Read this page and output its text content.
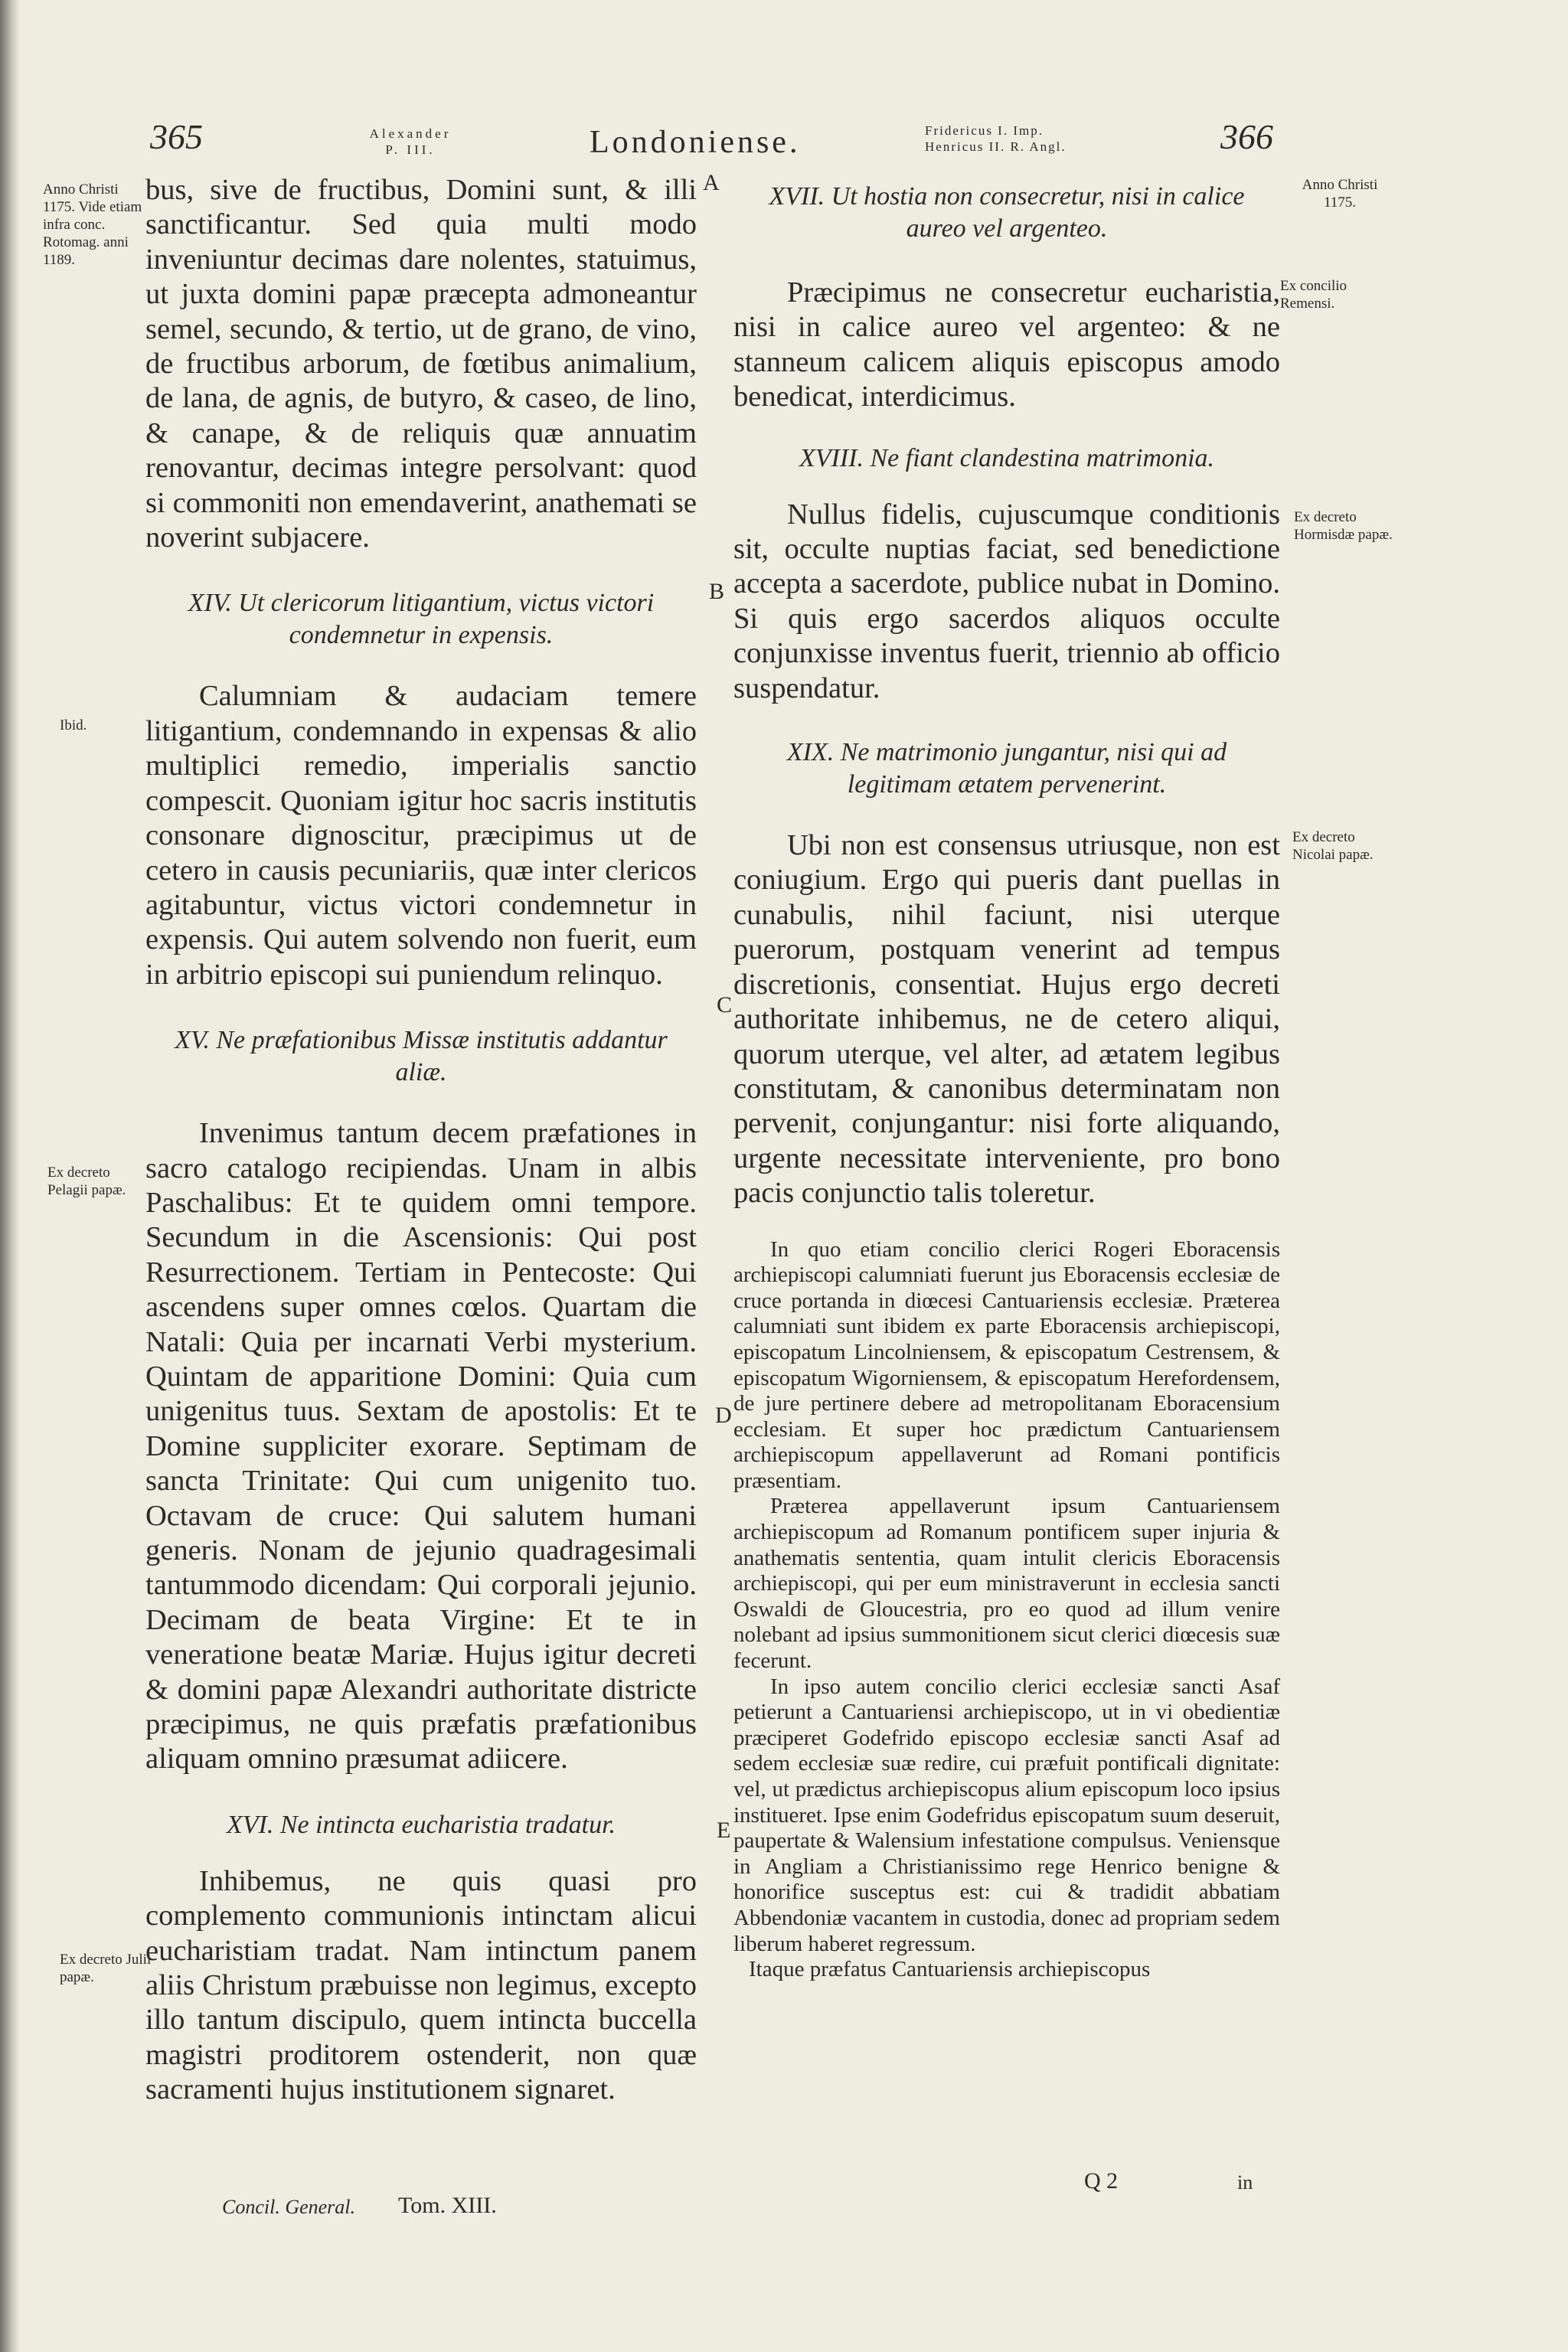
365	Alexander
P. III.	Londoniense.	Fridericus I. Imp.
Henricus II. R. Angl.	366
Anno Christi 1175. Vide etiam infra conc. Rotomag. anni 1189.
Ibid.
Ex decreto Pelagii papæ.
Ex decreto Julii papæ.
Anno Christi 1175.
Ex concilio Remensi.
Ex decreto Hormisdæ papæ.
Ex decreto Nicolai papæ.
A
B
C
D
E

bus, sive de fructibus, Domini sunt, & illi sanctificantur. Sed quia multi modo inveniuntur decimas dare nolentes, statuimus, ut juxta domini papæ præcepta admoneantur semel, secundo, & tertio, ut de grano, de vino, de fructibus arborum, de fœtibus animalium, de lana, de agnis, de butyro, & caseo, de lino, & canape, & de reliquis quæ annuatim renovantur, decimas integre persolvant: quod si commoniti non emendaverint, anathemati se noverint subjacere.

XIV. Ut clericorum litigantium, victus victori condemnetur in expensis.

Calumniam & audaciam temere litigantium, condemnando in expensas & alio multiplici remedio, imperialis sanctio compescit. Quoniam igitur hoc sacris institutis consonare dignoscitur, præcipimus ut de cetero in causis pecuniariis, quæ inter clericos agitabuntur, victus victori condemnetur in expensis. Qui autem solvendo non fuerit, eum in arbitrio episcopi sui puniendum relinquo.

XV. Ne præfationibus Missæ institutis addantur aliæ.

Invenimus tantum decem præfationes in sacro catalogo recipiendas. Unam in albis Paschalibus: Et te quidem omni tempore. Secundum in die Ascensionis: Qui post Resurrectionem. Tertiam in Pentecoste: Qui ascendens super omnes cœlos. Quartam die Natali: Quia per incarnati Verbi mysterium. Quintam de apparitione Domini: Quia cum unigenitus tuus. Sextam de apostolis: Et te Domine suppliciter exorare. Septimam de sancta Trinitate: Qui cum unigenito tuo. Octavam de cruce: Qui salutem humani generis. Nonam de jejunio quadragesimali tantummodo dicendam: Qui corporali jejunio. Decimam de beata Virgine: Et te in veneratione beatæ Mariæ. Hujus igitur decreti & domini papæ Alexandri authoritate districte præcipimus, ne quis præfatis præfationibus aliquam omnino præsumat adiicere.

XVI. Ne intincta eucharistia tradatur.

Inhibemus, ne quis quasi pro complemento communionis intinctam alicui eucharistiam tradat. Nam intinctum panem aliis Christum præbuisse non legimus, excepto illo tantum discipulo, quem intincta buccella magistri proditorem ostenderit, non quæ sacramenti hujus institutionem signaret.

Concil. General. Tom. XIII.

XVII. Ut hostia non consecretur, nisi in calice aureo vel argenteo.

Præcipimus ne consecretur eucharistia, nisi in calice aureo vel argenteo: & ne stanneum calicem aliquis episcopus amodo benedicat, interdicimus.

XVIII. Ne fiant clandestina matrimonia.

Nullus fidelis, cujuscumque conditionis sit, occulte nuptias faciat, sed benedictione accepta a sacerdote, publice nubat in Domino. Si quis ergo sacerdos aliquos occulte conjunxisse inventus fuerit, triennio ab officio suspendatur.

XIX. Ne matrimonio jungantur, nisi qui ad legitimam ætatem pervenerint.

Ubi non est consensus utriusque, non est coniugium. Ergo qui pueris dant puellas in cunabulis, nihil faciunt, nisi uterque puerorum, postquam venerint ad tempus discretionis, consentiat. Hujus ergo decreti authoritate inhibemus, ne de cetero aliqui, quorum uterque, vel alter, ad ætatem legibus constitutam, & canonibus determinatam non pervenit, conjungantur: nisi forte aliquando, urgente necessitate interveniente, pro bono pacis conjunctio talis toleretur.

In quo etiam concilio clerici Rogeri Eboracensis archiepiscopi calumniati fuerunt jus Eboracensis ecclesiæ de cruce portanda in diœcesi Cantuariensis ecclesiæ. Præterea calumniati sunt ibidem ex parte Eboracensis archiepiscopi, episcopatum Lincolniensem, & episcopatum Cestrensem, & episcopatum Wigorniensem, & episcopatum Herefordensem, de jure pertinere debere ad metropolitanam Eboracensium ecclesiam. Et super hoc prædictum Cantuariensem archiepiscopum appellaverunt ad Romani pontificis præsentiam.

Præterea appellaverunt ipsum Cantuariensem archiepiscopum ad Romanum pontificem super injuria & anathematis sententia, quam intulit clericis Eboracensis archiepiscopi, qui per eum ministraverunt in ecclesia sancti Oswaldi de Gloucestria, pro eo quod ad illum venire nolebant ad ipsius summonitionem sicut clerici diœcesis suæ fecerunt.

In ipso autem concilio clerici ecclesiæ sancti Asaf petierunt a Cantuariensi archiepiscopo, ut in vi obedientiæ præciperet Godefrido episcopo ecclesiæ sancti Asaf ad sedem ecclesiæ suæ redire, cui præfuit pontificali dignitate: vel, ut prædictus archiepiscopus alium episcopum loco ipsius institueret. Ipse enim Godefridus episcopatum suum deseruit, paupertate & Walensium infestatione compulsus. Veniensque in Angliam a Christianissimo rege Henrico benigne & honorifice susceptus est: cui & tradidit abbatiam Abbendoniæ vacantem in custodia, donec ad propriam sedem liberum haberet regressum.

Itaque præfatus Cantuariensis archiepiscopus

Q 2	in
